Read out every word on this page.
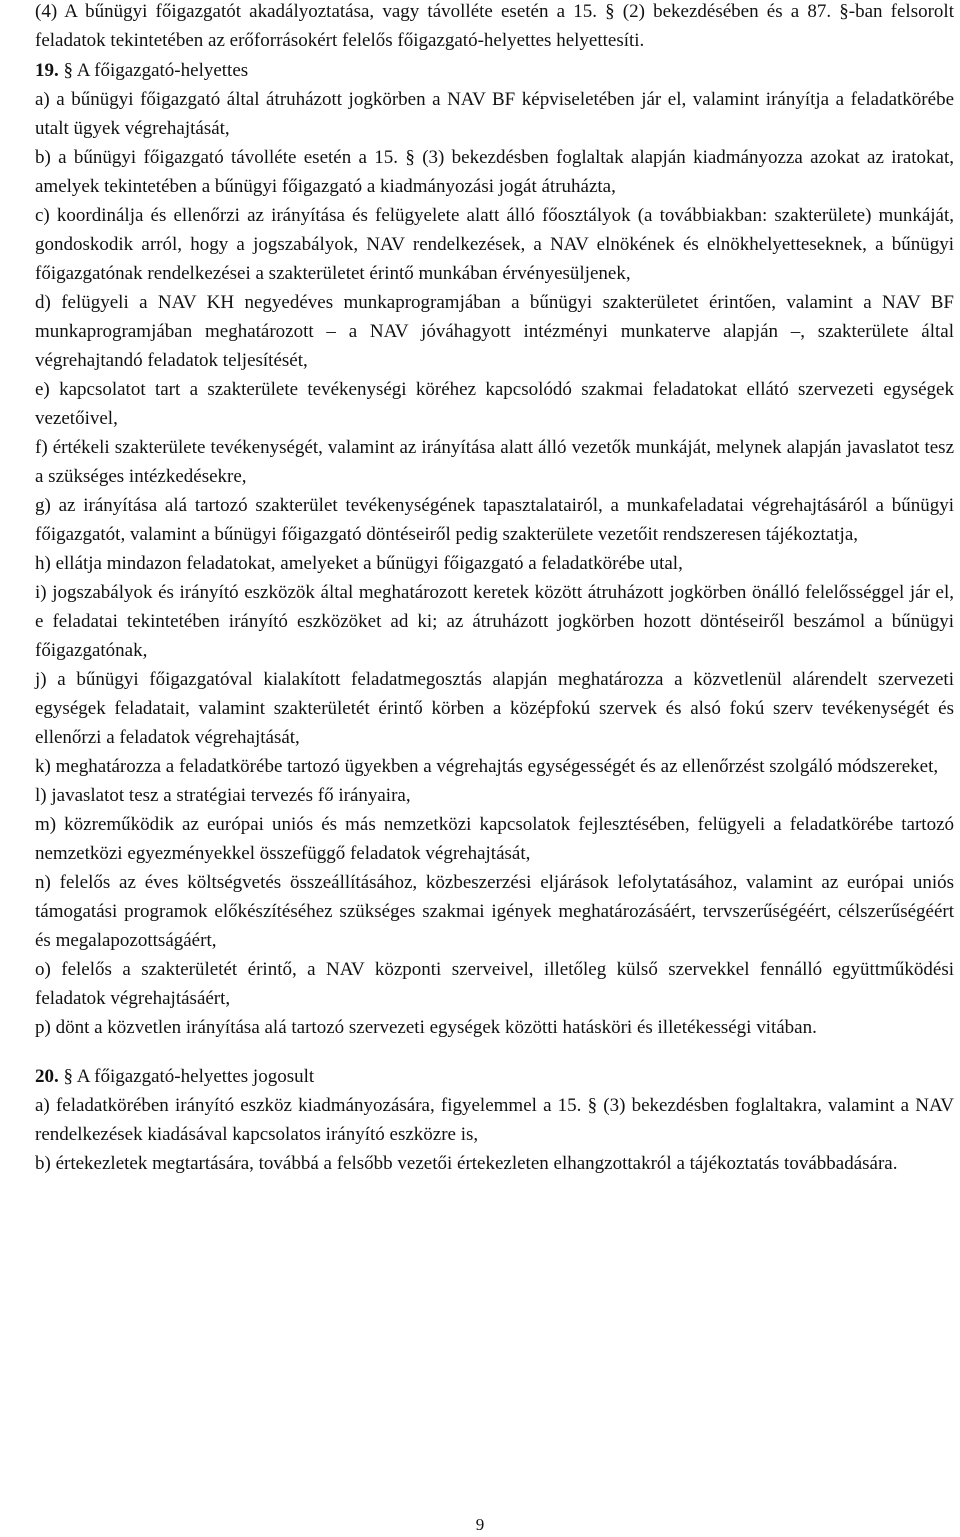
(4) A bűnügyi főigazgatót akadályoztatása, vagy távolléte esetén a 15. § (2) bekezdésében és a 87. §-ban felsorolt feladatok tekintetében az erőforrásokért felelős főigazgató-helyettes helyettesíti.

19. § A főigazgató-helyettes

a) a bűnügyi főigazgató által átruházott jogkörben a NAV BF képviseletében jár el, valamint irányítja a feladatkörébe utalt ügyek végrehajtását,

b) a bűnügyi főigazgató távolléte esetén a 15. § (3) bekezdésben foglaltak alapján kiadmányozza azokat az iratokat, amelyek tekintetében a bűnügyi főigazgató a kiadmányozási jogát átruházta,

c) koordinálja és ellenőrzi az irányítása és felügyelete alatt álló főosztályok (a továbbiakban: szakterülete) munkáját, gondoskodik arról, hogy a jogszabályok, NAV rendelkezések, a NAV elnökének és elnökhelyetteseknek, a bűnügyi főigazgatónak rendelkezései a szakterületet érintő munkában érvényesüljenek,

d) felügyeli a NAV KH negyedéves munkaprogramjában a bűnügyi szakterületet érintően, valamint a NAV BF munkaprogramjában meghatározott – a NAV jóváhagyott intézményi munkaterve alapján –, szakterülete által végrehajtandó feladatok teljesítését,

e) kapcsolatot tart a szakterülete tevékenységi köréhez kapcsolódó szakmai feladatokat ellátó szervezeti egységek vezetőivel,

f) értékeli szakterülete tevékenységét, valamint az irányítása alatt álló vezetők munkáját, melynek alapján javaslatot tesz a szükséges intézkedésekre,

g) az irányítása alá tartozó szakterület tevékenységének tapasztalatairól, a munkafeladatai végrehajtásáról a bűnügyi főigazgatót, valamint a bűnügyi főigazgató döntéseiről pedig szakterülete vezetőit rendszeresen tájékoztatja,

h) ellátja mindazon feladatokat, amelyeket a bűnügyi főigazgató a feladatkörébe utal,

i) jogszabályok és irányító eszközök által meghatározott keretek között átruházott jogkörben önálló felelősséggel jár el, e feladatai tekintetében irányító eszközöket ad ki; az átruházott jogkörben hozott döntéseiről beszámol a bűnügyi főigazgatónak,

j) a bűnügyi főigazgatóval kialakított feladatmegosztás alapján meghatározza a közvetlenül alárendelt szervezeti egységek feladatait, valamint szakterületét érintő körben a középfokú szervek és alsó fokú szerv tevékenységét és ellenőrzi a feladatok végrehajtását,

k) meghatározza a feladatkörébe tartozó ügyekben a végrehajtás egységességét és az ellenőrzést szolgáló módszereket,

l) javaslatot tesz a stratégiai tervezés fő irányaira,

m) közreműködik az európai uniós és más nemzetközi kapcsolatok fejlesztésében, felügyeli a feladatkörébe tartozó nemzetközi egyezményekkel összefüggő feladatok végrehajtását,

n) felelős az éves költségvetés összeállításához, közbeszerzési eljárások lefolytatásához, valamint az európai uniós támogatási programok előkészítéséhez szükséges szakmai igények meghatározásáért, tervszerűségéért, célszerűségéért és megalapozottságáért,

o) felelős a szakterületét érintő, a NAV központi szerveivel, illetőleg külső szervekkel fennálló együttműködési feladatok végrehajtásáért,

p) dönt a közvetlen irányítása alá tartozó szervezeti egységek közötti hatásköri és illetékességi vitában.

20. § A főigazgató-helyettes jogosult

a) feladatkörében irányító eszköz kiadmányozására, figyelemmel a 15. § (3) bekezdésben foglaltakra, valamint a NAV rendelkezések kiadásával kapcsolatos irányító eszközre is,

b) értekezletek megtartására, továbbá a felsőbb vezetői értekezleten elhangzottakról a tájékoztatás továbbadására.

9
